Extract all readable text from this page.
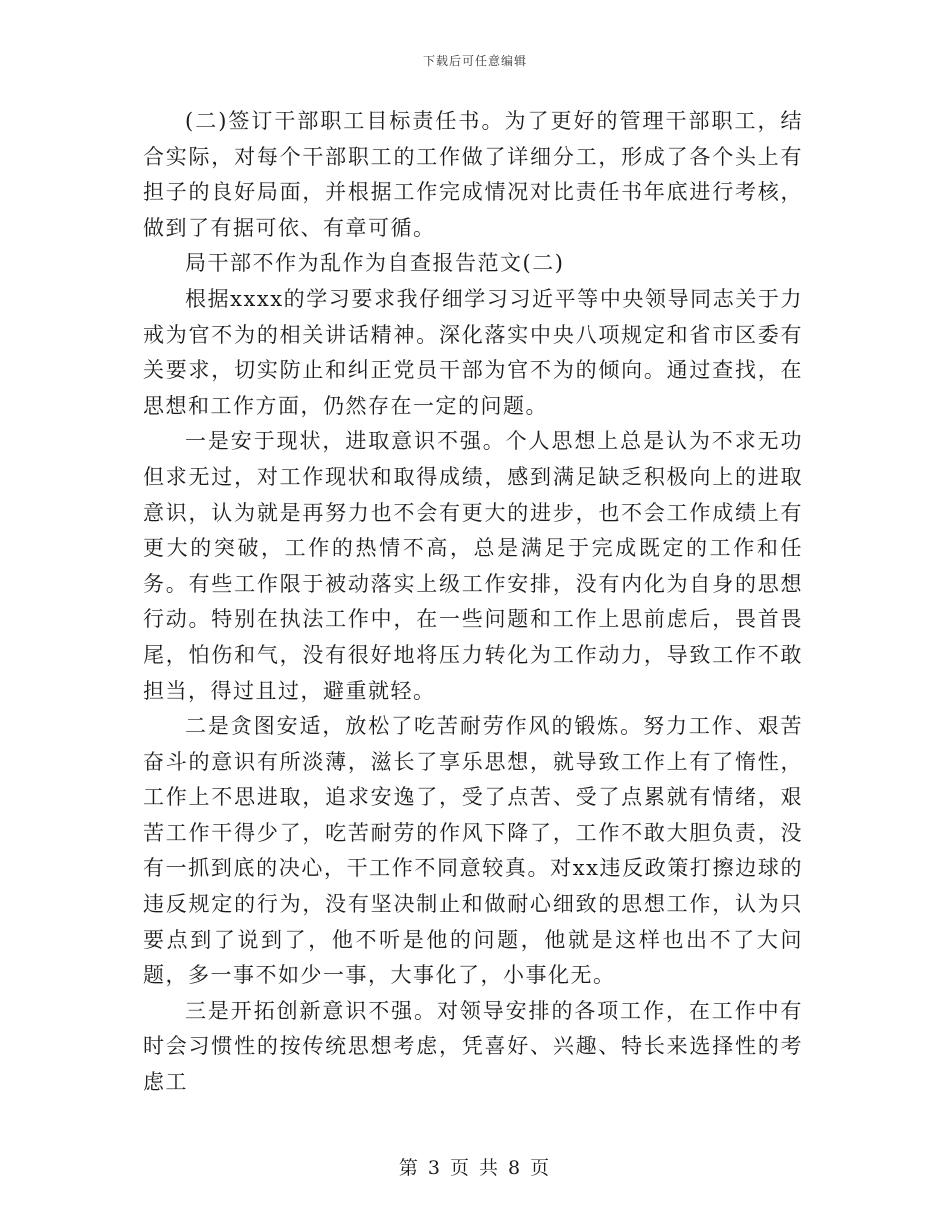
下载后可任意编辑

(二)签订干部职工目标责任书。为了更好的管理干部职工，结合实际，对每个干部职工的工作做了详细分工，形成了各个头上有担子的良好局面，并根据工作完成情况对比责任书年底进行考核，做到了有据可依、有章可循。

局干部不作为乱作为自查报告范文(二)

根据xxxx的学习要求我仔细学习习近平等中央领导同志关于力戒为官不为的相关讲话精神。深化落实中央八项规定和省市区委有关要求，切实防止和纠正党员干部为官不为的倾向。通过查找，在思想和工作方面，仍然存在一定的问题。

一是安于现状，进取意识不强。个人思想上总是认为不求无功但求无过，对工作现状和取得成绩，感到满足缺乏积极向上的进取意识，认为就是再努力也不会有更大的进步，也不会工作成绩上有更大的突破，工作的热情不高，总是满足于完成既定的工作和任务。有些工作限于被动落实上级工作安排，没有内化为自身的思想行动。特别在执法工作中，在一些问题和工作上思前虑后，畏首畏尾，怕伤和气，没有很好地将压力转化为工作动力，导致工作不敢担当，得过且过，避重就轻。

二是贪图安适，放松了吃苦耐劳作风的锻炼。努力工作、艰苦奋斗的意识有所淡薄，滋长了享乐思想，就导致工作上有了惰性，工作上不思进取，追求安逸了，受了点苦、受了点累就有情绪，艰苦工作干得少了，吃苦耐劳的作风下降了，工作不敢大胆负责，没有一抓到底的决心，干工作不同意较真。对xx违反政策打擦边球的违反规定的行为，没有坚决制止和做耐心细致的思想工作，认为只要点到了说到了，他不听是他的问题，他就是这样也出不了大问题，多一事不如少一事，大事化了，小事化无。

三是开拓创新意识不强。对领导安排的各项工作，在工作中有时会习惯性的按传统思想考虑，凭喜好、兴趣、特长来选择性的考虑工

第 3 页 共 8 页
